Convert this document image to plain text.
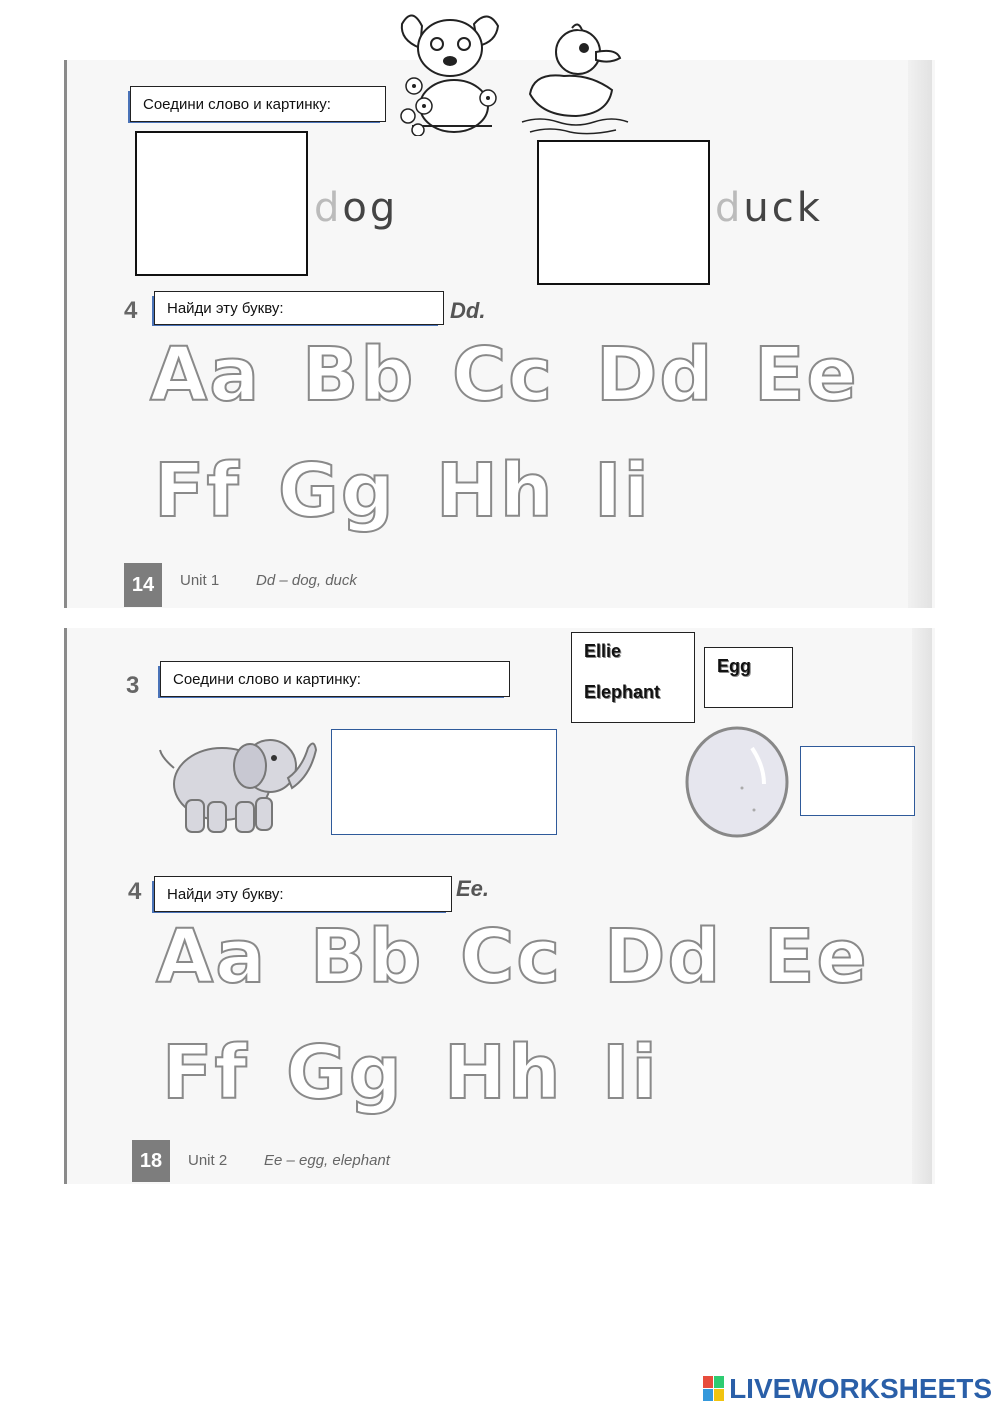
Соедини слово и картинку:
dog	duck
4 Найди эту букву:	Dd.
Aa Bb Cc Dd Ee
Ff Gg Hh Ii
14	Unit 1 Dd – dog, duck
3 Соедини слово и картинку:
Ellie
Elephant
Egg
4 Найди эту букву:	Ee.
Aa Bb Cc Dd Ee
Ff Gg Hh Ii
18	Unit 2 Ee – egg, elephant
LIVEWORKSHEETS
